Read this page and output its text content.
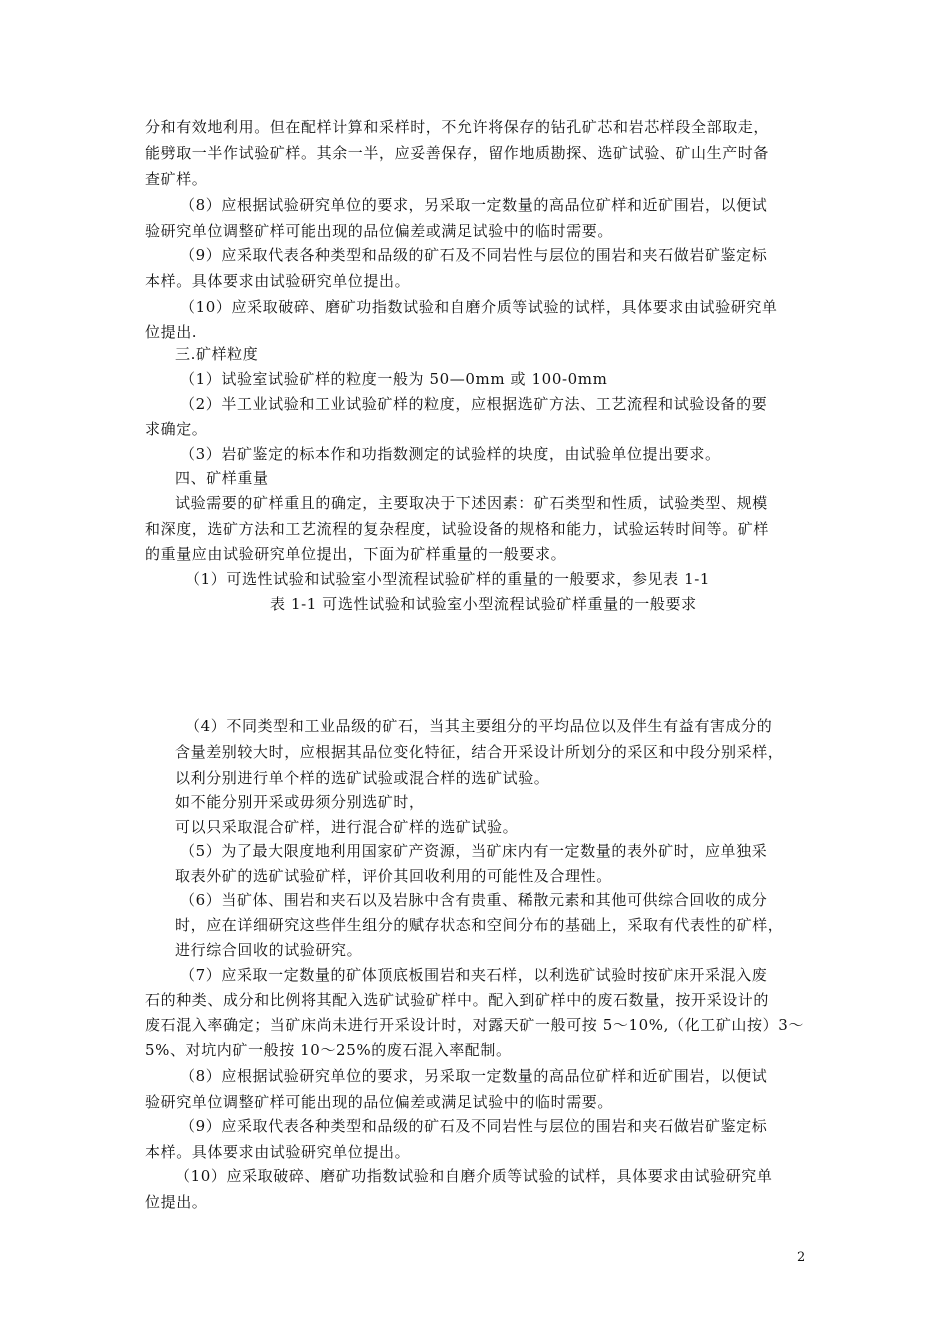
分和有效地利用。但在配样计算和采样时，不允许将保存的钻孔矿芯和岩芯样段全部取走，
能劈取一半作试验矿样。其余一半，应妥善保存，留作地质勘探、选矿试验、矿山生产时备
查矿样。
（8）应根据试验研究单位的要求，另采取一定数量的高品位矿样和近矿围岩，以便试
验研究单位调整矿样可能出现的品位偏差或满足试验中的临时需要。
（9）应采取代表各种类型和品级的矿石及不同岩性与层位的围岩和夹石做岩矿鉴定标
本样。具体要求由试验研究单位提出。
（10）应采取破碎、磨矿功指数试验和自磨介质等试验的试样，具体要求由试验研究单
位提出.
三.矿样粒度
（1）试验室试验矿样的粒度一般为 50—0mm 或 100-0mm
（2）半工业试验和工业试验矿样的粒度，应根据选矿方法、工艺流程和试验设备的要
求确定。
（3）岩矿鉴定的标本作和功指数测定的试验样的块度，由试验单位提出要求。
四、矿样重量
试验需要的矿样重且的确定，主要取决于下述因素：矿石类型和性质，试验类型、规模
和深度，选矿方法和工艺流程的复杂程度，试验设备的规格和能力，试验运转时间等。矿样
的重量应由试验研究单位提出，下面为矿样重量的一般要求。
（1）可选性试验和试验室小型流程试验矿样的重量的一般要求，参见表 1-1
表 1-1 可选性试验和试验室小型流程试验矿样重量的一般要求
（4）不同类型和工业品级的矿石，当其主要组分的平均品位以及伴生有益有害成分的
含量差别较大时，应根据其品位变化特征，结合开采设计所划分的采区和中段分别采样，
以利分别进行单个样的选矿试验或混合样的选矿试验。
如不能分别开采或毋须分别选矿时，
可以只采取混合矿样，进行混合矿样的选矿试验。
（5）为了最大限度地利用国家矿产资源，当矿床内有一定数量的表外矿时，应单独采
取表外矿的选矿试验矿样，评价其回收利用的可能性及合理性。
（6）当矿体、围岩和夹石以及岩脉中含有贵重、稀散元素和其他可供综合回收的成分
时，应在详细研究这些伴生组分的赋存状态和空间分布的基础上，采取有代表性的矿样，
进行综合回收的试验研究。
（7）应采取一定数量的矿体顶底板围岩和夹石样，以利选矿试验时按矿床开采混入废
石的种类、成分和比例将其配入选矿试验矿样中。配入到矿样中的废石数量，按开采设计的
废石混入率确定；当矿床尚未进行开采设计时，对露天矿一般可按 5～10%,（化工矿山按）3～
5%、对坑内矿一般按 10～25%的废石混入率配制。
（8）应根据试验研究单位的要求，另采取一定数量的高品位矿样和近矿围岩，以便试
验研究单位调整矿样可能出现的品位偏差或满足试验中的临时需要。
（9）应采取代表各种类型和品级的矿石及不同岩性与层位的围岩和夹石做岩矿鉴定标
本样。具体要求由试验研究单位提出。
（10）应采取破碎、磨矿功指数试验和自磨介质等试验的试样，具体要求由试验研究单
位提出。
2
